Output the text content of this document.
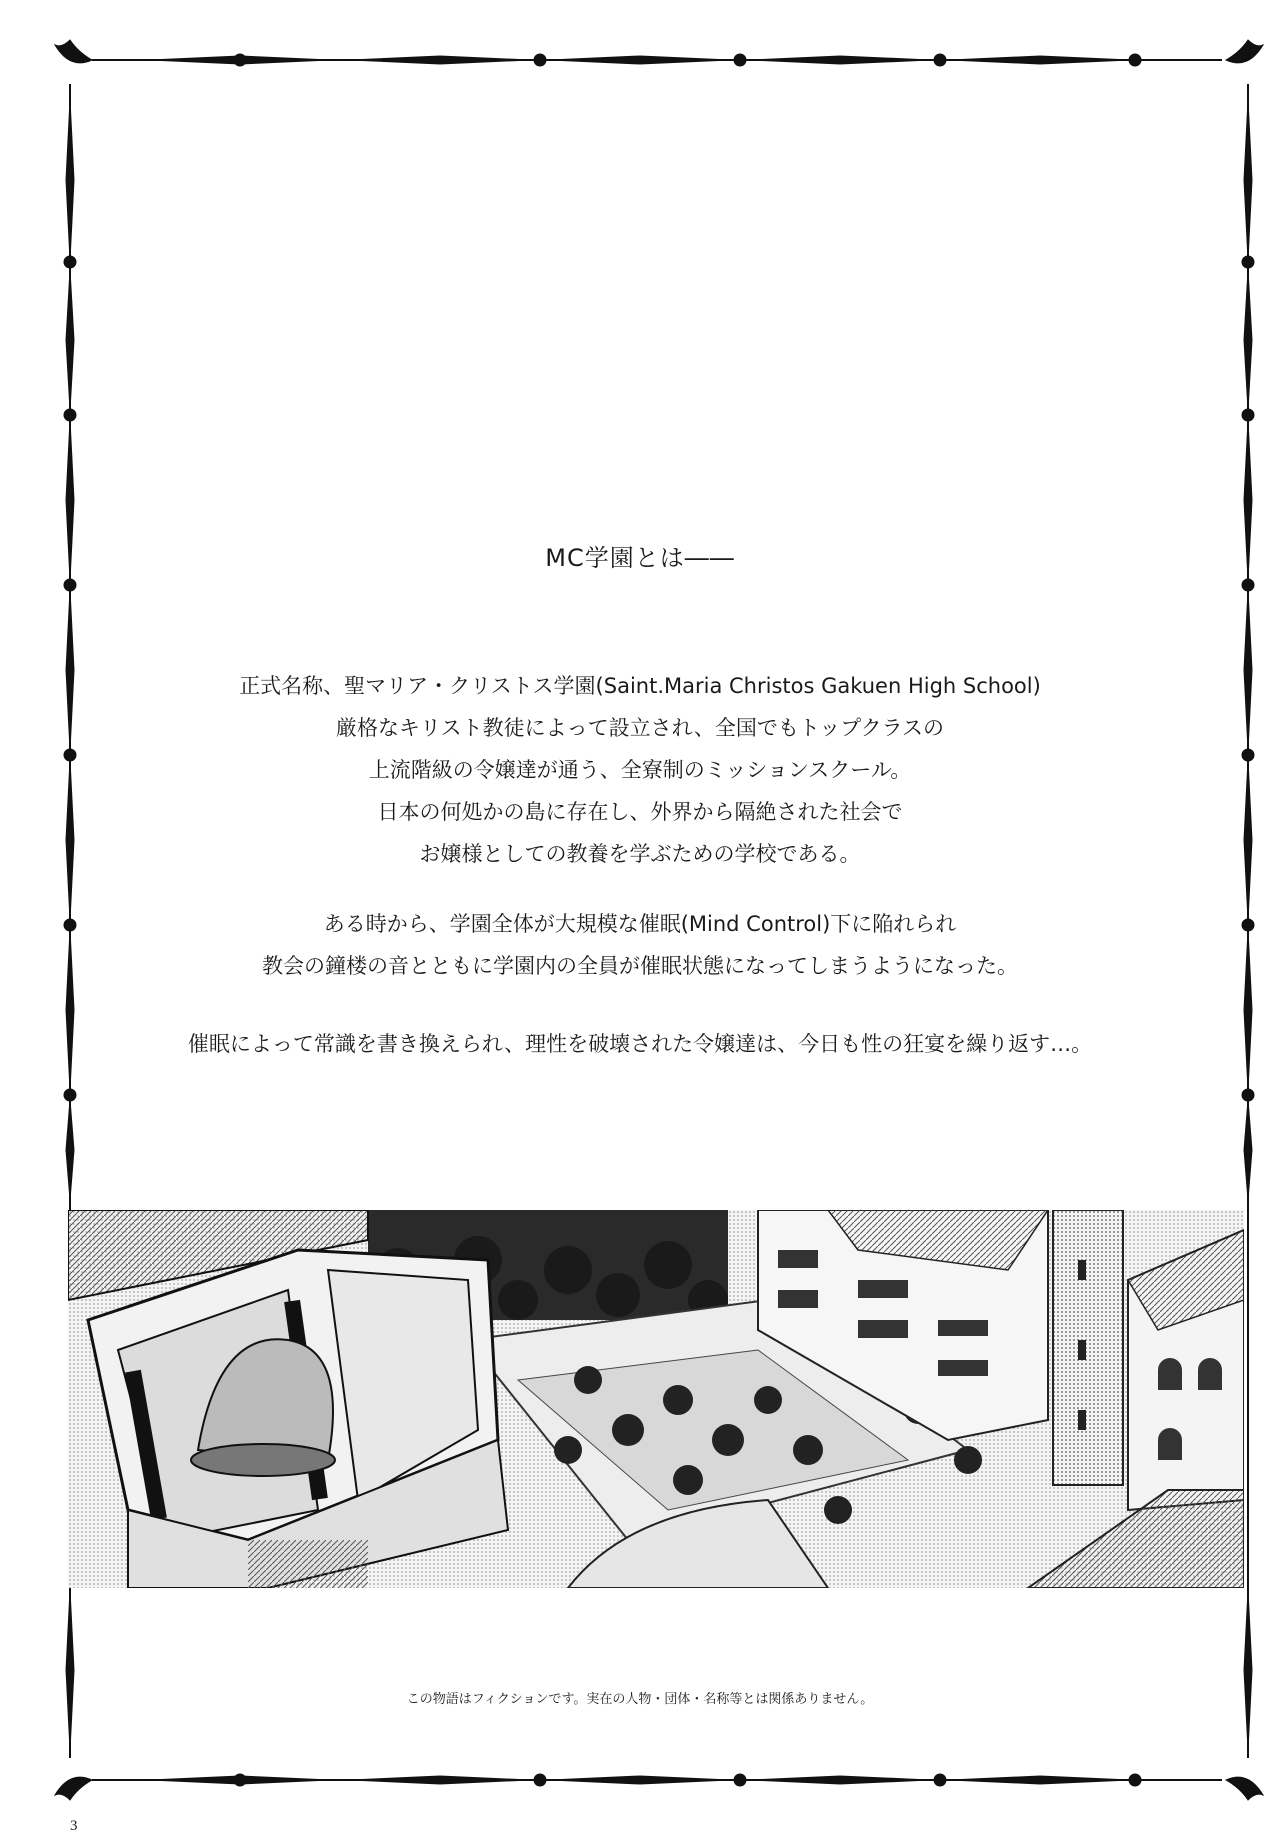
MC学園とは――
正式名称、聖マリア・クリストス学園(Saint.Maria Christos Gakuen High School)
厳格なキリスト教徒によって設立され、全国でもトップクラスの
上流階級の令嬢達が通う、全寮制のミッションスクール。
日本の何処かの島に存在し、外界から隔絶された社会で
お嬢様としての教養を学ぶための学校である。
ある時から、学園全体が大規模な催眠(Mind Control)下に陥れられ
教会の鐘楼の音とともに学園内の全員が催眠状態になってしまうようになった。
催眠によって常識を書き換えられ、理性を破壊された令嬢達は、今日も性の狂宴を繰り返す…。
この物語はフィクションです。実在の人物・団体・名称等とは関係ありません。
3
